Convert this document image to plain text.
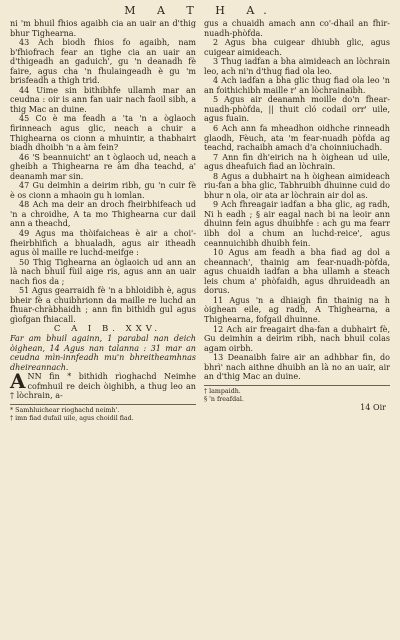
M A T H A.

ni 'm bhuil fhios agaibh cia an uair an d'thig bhur Tighearna.

43 Ach biodh fhios fo agaibh, nam b'fhiofrach fear an tighe cia an uair an d'thigeadh an gaduich', gu 'n deanadh fè faire, agus cha 'n fhulaingeadh è gu 'm brisfeadh a thigh trid.

44 Uime sin bithibhfe ullamh mar an ceudna : oir is ann fan uair nach faoil sibh, a thig Mac an duine.

45 Co è ma feadh a 'ta 'n a òglaoch firinneach agus glic, neach a chuir a Thighearna os cionn a mhuintir, a thabhairt biadh dhoibh 'n a àm fein?

46 'S beannuicht' an t òglaoch ud, neach a gheibh a Thighearna re àm dha teachd, a' deanamh mar sin.

47 Gu deimhin a deirim ribh, gu 'n cuir fè è os cionn a mhaoin gu h iomlan.

48 Ach ma deir an droch fheirbhifeach ud 'n a chroidhe, A ta mo Thighearna cur dail ann a theachd,

49 Agus ma thòifaicheas è air a choi'-fheirbhifich a bhualadh, agus air itheadh agus òl maille re luchd-meifge :

50 Thig Tighearna an òglaoich ud ann an là nach bhuil fùil aige ris, agus ann an uair nach fios da ;

51 Agus gearraidh fè 'n a bhloidibh è, agus bheir fè a chuibhrionn da maille re luchd an fhuar-chràbhaidh ; ann fin bithidh gul agus gìofgan fhiacall.

C A I B. XXV.

Far am bhuil againn, 1 parabal nan deich òighean, 14 Agus nan talanna : 31 mar an ceudna mìn-innfeadh mu'n bhreitheamhnas dheireannach.

ANN fin * bithidh rìoghachd Neimhe cofmhuil re deich òighibh, a thug leo an † lòchrain, a-

* Samhluichear rioghachd neimh'.
† imn fiad dufail uile, agus choidil fiad.

gus a chuaidh amach ann co'-dhail an fhir-nuadh-phòfda.

2 Agus bha cuigear dhiubh glic, agus cuigear aimideach.

3 Thug iadfan a bha aimideach an lòchrain leo, ach ni'n d'thug fiad ola leo.

4 Ach iadfan a bha glic thug fiad ola leo 'n an foithichibh maille r' an lòchrainaibh.

5 Agus air deanamh moille do'n fhear-nuadh-phòfda, || thuit cló codail orr' uile, agus fuain.

6 Ach ann fa mheadhon oidhche rinneadh glaodh, Fèuch, ata 'm fear-nuadh pòfda ag teachd, rachaibh amach d'a choinniuchadh.

7 Ann fin dh'eirich na h òighean ud uile, agus dheafuich fiad an lòchrain.

8 Agus a dubhairt na h òighean aimideach riu-fan a bha glic, Tabhruibh dhuinne cuid do bhur n ola, oir ata ar lòchrain air dol as.

9 Ach fhreagair iadfan a bha glic, ag radh, Ni h eadh ; § air eagal nach bi na leoir ann dhuinn fein agus dhuibhfe : ach gu ma fearr iibh dol a chum an luchd-reice', agus ceannuichibh dhuibh fein.

10 Agus am feadh a bha fiad ag dol a cheannach', thainig am fear-nuadh-pòfda, agus chuaidh iadfan a bha ullamh a steach leis chum a' phòfaidh, agus dhruideadh an dorus.

11 Agus 'n a dhiaigh fin thainig na h òighean eile, ag radh, A Thighearna, a Thighearna, fofgail dhuinne.

12 Ach air freagairt dha-fan a dubhairt fè, Gu deimhin a deirim ribh, nach bhuil colas agam oirbh.

13 Deanaibh faire air an adhbhar fin, do bhrì' nach aithne dhuibh an là no an uair, air an d'thig Mac an duine.

† lampaidh.
§ 'n freafdal.
14 Oir
